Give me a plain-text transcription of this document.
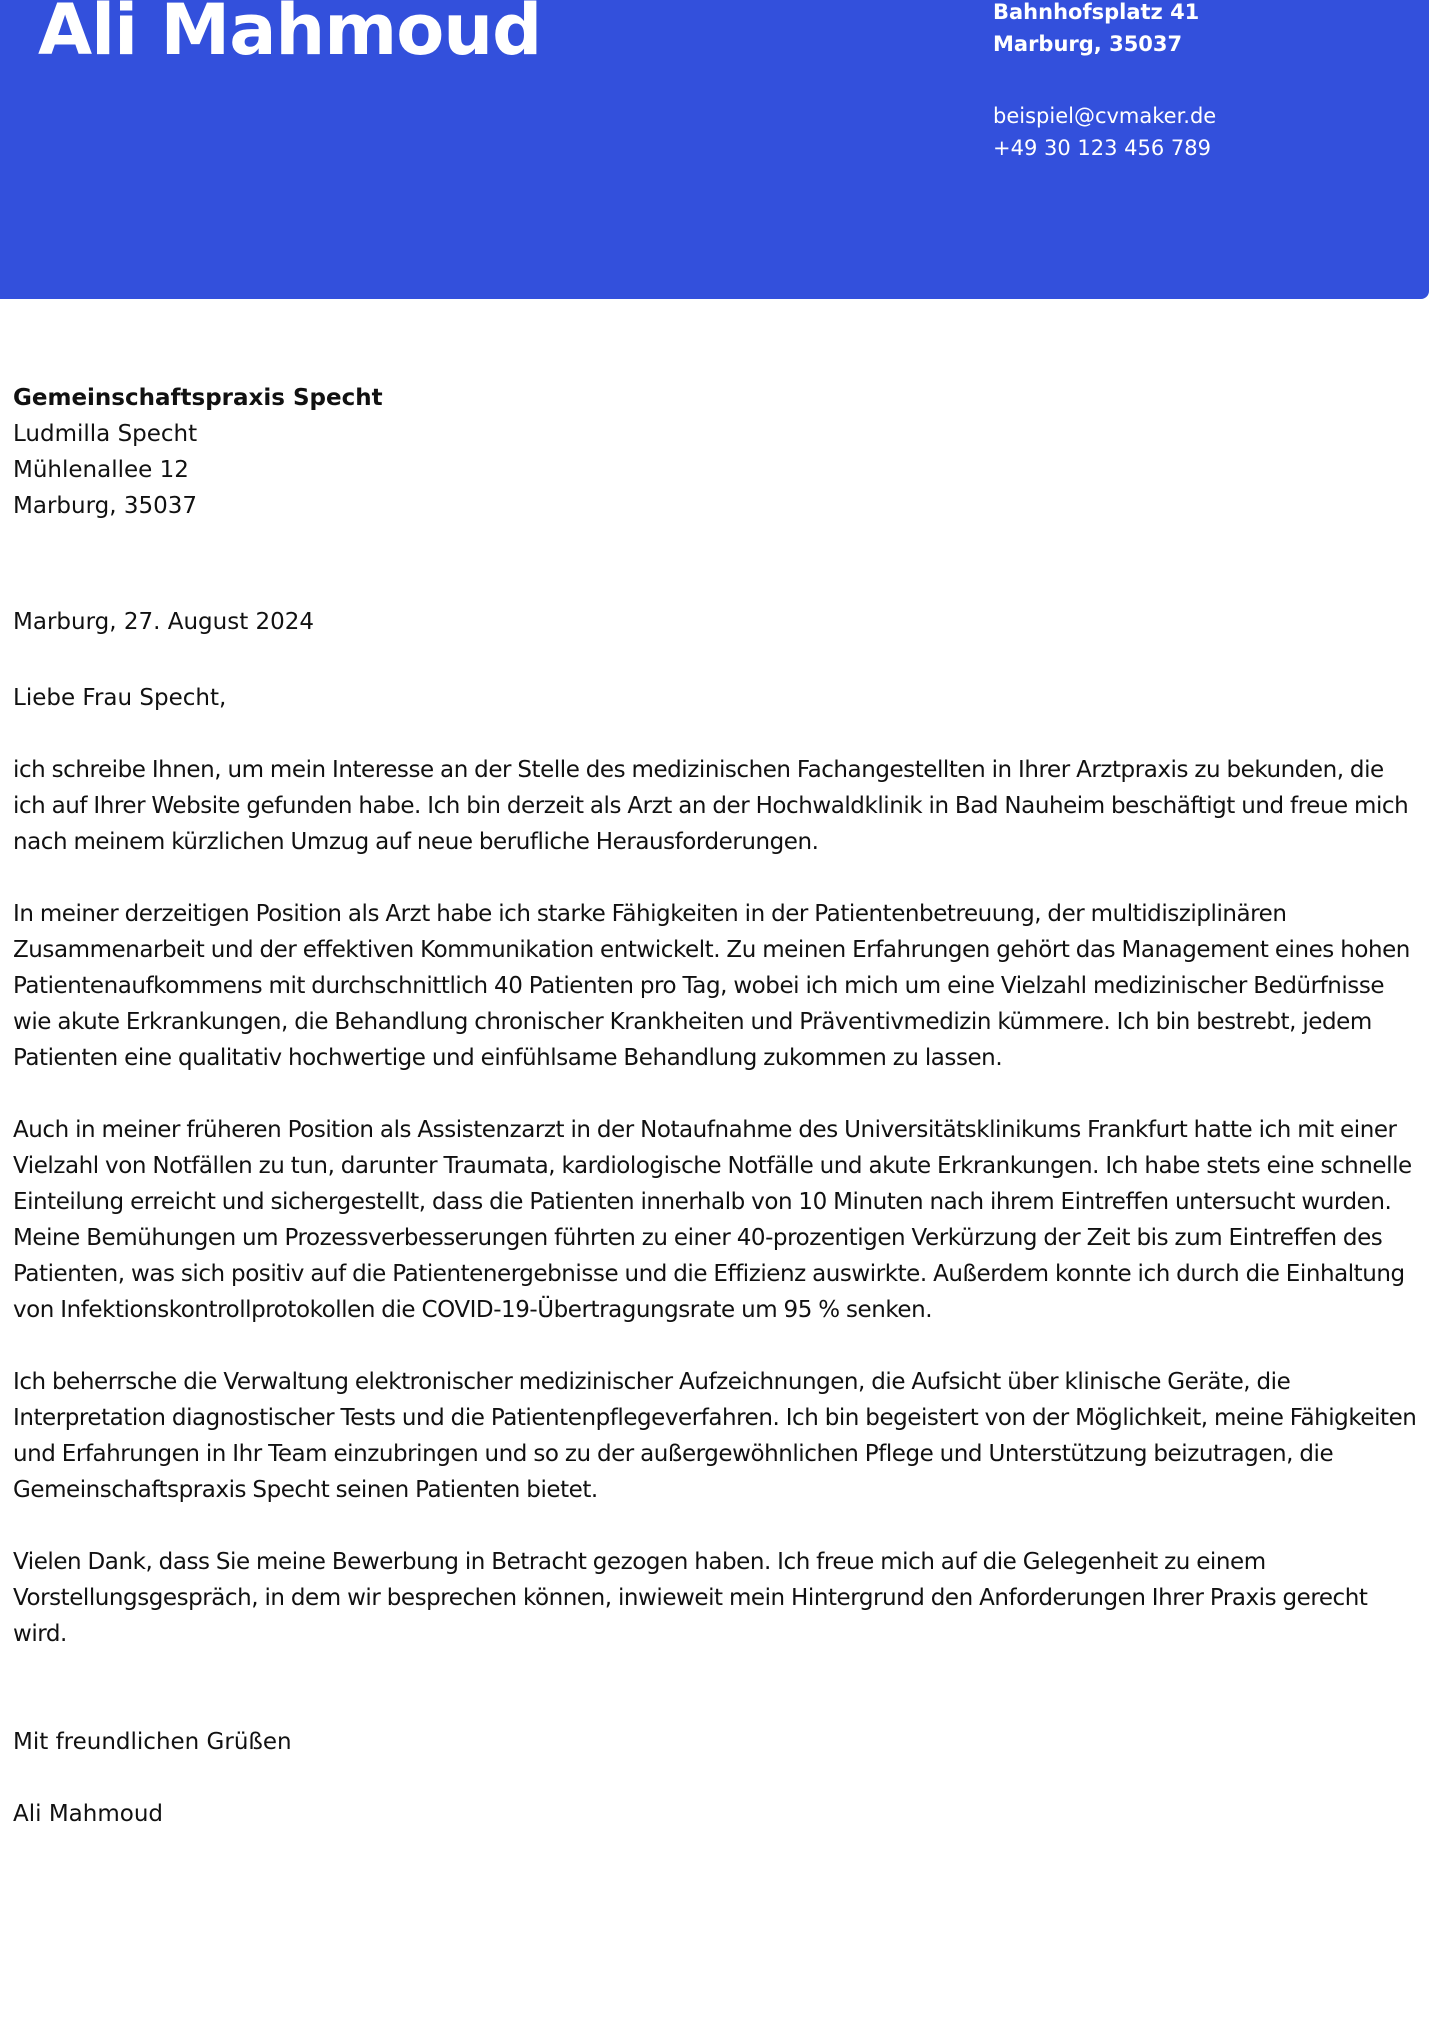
Ali Mahmoud	Bahnhofsplatz 41
Marburg, 35037
beispiel@cvmaker.de
+49 30 123 456 789
Gemeinschaftspraxis Specht
Ludmilla Specht
Mühlenallee 12
Marburg, 35037
Marburg, 27. August 2024
Liebe Frau Specht,
ich schreibe Ihnen, um mein Interesse an der Stelle des medizinischen Fachangestellten in Ihrer Arztpraxis zu bekunden, die ich auf Ihrer Website gefunden habe. Ich bin derzeit als Arzt an der Hochwaldklinik in Bad Nauheim beschäftigt und freue mich nach meinem kürzlichen Umzug auf neue berufliche Herausforderungen.
In meiner derzeitigen Position als Arzt habe ich starke Fähigkeiten in der Patientenbetreuung, der multidisziplinären Zusammenarbeit und der effektiven Kommunikation entwickelt. Zu meinen Erfahrungen gehört das Management eines hohen Patientenaufkommens mit durchschnittlich 40 Patienten pro Tag, wobei ich mich um eine Vielzahl medizinischer Bedürfnisse wie akute Erkrankungen, die Behandlung chronischer Krankheiten und Präventivmedizin kümmere. Ich bin bestrebt, jedem Patienten eine qualitativ hochwertige und einfühlsame Behandlung zukommen zu lassen.
Auch in meiner früheren Position als Assistenzarzt in der Notaufnahme des Universitätsklinikums Frankfurt hatte ich mit einer Vielzahl von Notfällen zu tun, darunter Traumata, kardiologische Notfälle und akute Erkrankungen. Ich habe stets eine schnelle Einteilung erreicht und sichergestellt, dass die Patienten innerhalb von 10 Minuten nach ihrem Eintreffen untersucht wurden. Meine Bemühungen um Prozessverbesserungen führten zu einer 40-prozentigen Verkürzung der Zeit bis zum Eintreffen des Patienten, was sich positiv auf die Patientenergebnisse und die Effizienz auswirkte. Außerdem konnte ich durch die Einhaltung von Infektionskontrollprotokollen die COVID-19-Übertragungsrate um 95 % senken.
Ich beherrsche die Verwaltung elektronischer medizinischer Aufzeichnungen, die Aufsicht über klinische Geräte, die Interpretation diagnostischer Tests und die Patientenpflegeverfahren. Ich bin begeistert von der Möglichkeit, meine Fähigkeiten und Erfahrungen in Ihr Team einzubringen und so zu der außergewöhnlichen Pflege und Unterstützung beizutragen, die Gemeinschaftspraxis Specht seinen Patienten bietet.
Vielen Dank, dass Sie meine Bewerbung in Betracht gezogen haben. Ich freue mich auf die Gelegenheit zu einem Vorstellungsgespräch, in dem wir besprechen können, inwieweit mein Hintergrund den Anforderungen Ihrer Praxis gerecht wird.
Mit freundlichen Grüßen
Ali Mahmoud
